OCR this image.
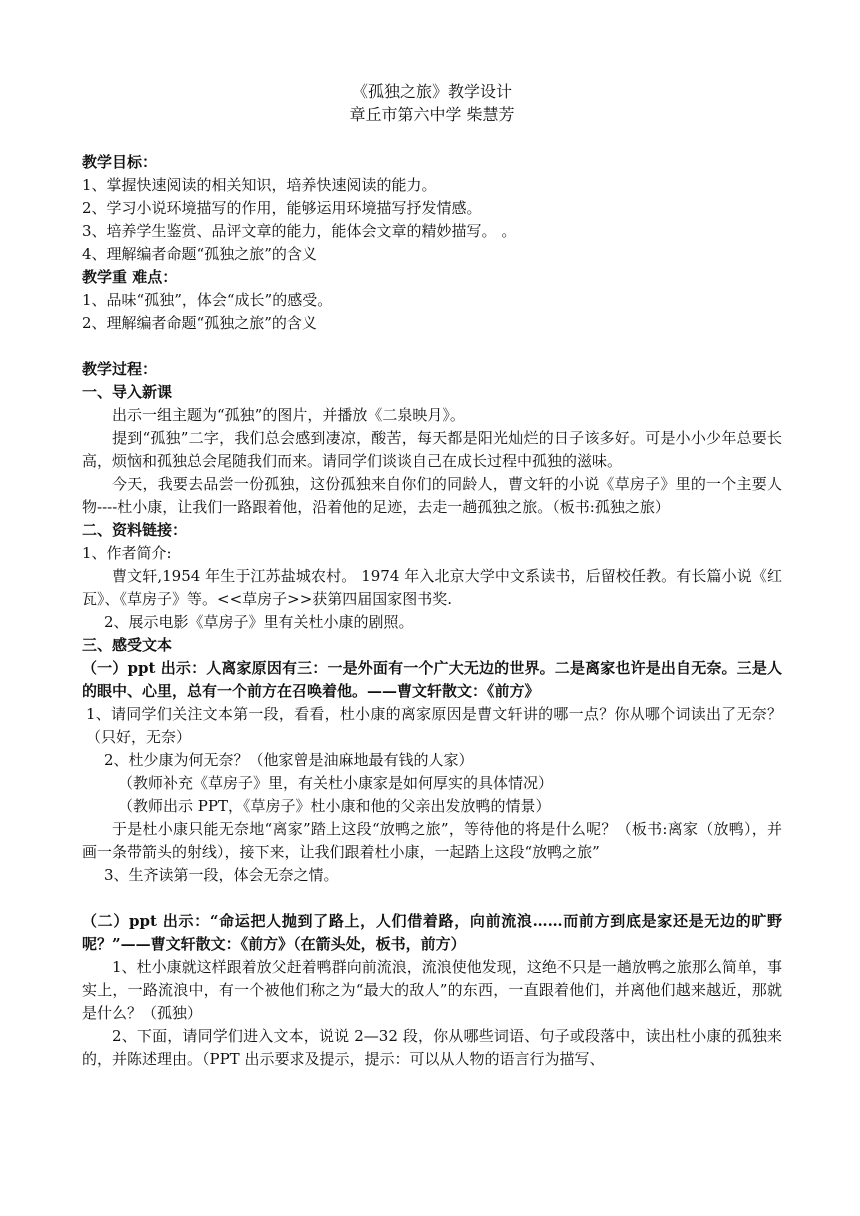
《孤独之旅》教学设计
章丘市第六中学 柴慧芳
教学目标：
1、掌握快速阅读的相关知识，培养快速阅读的能力。
2、学习小说环境描写的作用，能够运用环境描写抒发情感。
3、培养学生鉴赏、品评文章的能力，能体会文章的精妙描写。 。
4、理解编者命题“孤独之旅”的含义
教学重 难点：
1、品味“孤独”，体会“成长”的感受。
2、理解编者命题“孤独之旅”的含义
教学过程：
一、导入新课
出示一组主题为“孤独”的图片，并播放《二泉映月》。
提到“孤独”二字，我们总会感到凄凉，酸苦，每天都是阳光灿烂的日子该多好。可是小小少年总要长高，烦恼和孤独总会尾随我们而来。请同学们谈谈自己在成长过程中孤独的滋味。
今天，我要去品尝一份孤独，这份孤独来自你们的同龄人，曹文轩的小说《草房子》里的一个主要人物----杜小康，让我们一路跟着他，沿着他的足迹，去走一趟孤独之旅。（板书:孤独之旅）
二、资料链接：
1、作者简介:
曹文轩,1954 年生于江苏盐城农村。 1974 年入北京大学中文系读书，后留校任教。有长篇小说《红瓦》、《草房子》等。<<草房子>>获第四届国家图书奖.
2、展示电影《草房子》里有关杜小康的剧照。
三、感受文本
（一）ppt 出示：人离家原因有三：一是外面有一个广大无边的世界。二是离家也许是出自无奈。三是人的眼中、心里，总有一个前方在召唤着他。——曹文轩散文：《前方》
1、请同学们关注文本第一段，看看，杜小康的离家原因是曹文轩讲的哪一点？你从哪个词读出了无奈？（只好，无奈）
2、杜少康为何无奈？（他家曾是油麻地最有钱的人家）
（教师补充《草房子》里，有关杜小康家是如何厚实的具体情况）
（教师出示 PPT，《草房子》杜小康和他的父亲出发放鸭的情景）
于是杜小康只能无奈地“离家”踏上这段“放鸭之旅”，等待他的将是什么呢？（板书:离家（放鸭），并画一条带箭头的射线），接下来，让我们跟着杜小康，一起踏上这段“放鸭之旅”
3、生齐读第一段，体会无奈之情。
（二）ppt 出示：“命运把人抛到了路上，人们借着路，向前流浪……而前方到底是家还是无边的旷野呢？”——曹文轩散文：《前方》（在箭头处，板书，前方）
1、杜小康就这样跟着放父赶着鸭群向前流浪，流浪使他发现，这绝不只是一趟放鸭之旅那么简单，事实上，一路流浪中，有一个被他们称之为“最大的敌人”的东西，一直跟着他们，并离他们越来越近，那就是什么？（孤独）
2、下面，请同学们进入文本，说说 2—32 段，你从哪些词语、句子或段落中，读出杜小康的孤独来的，并陈述理由。（PPT 出示要求及提示，提示：可以从人物的语言行为描写、
